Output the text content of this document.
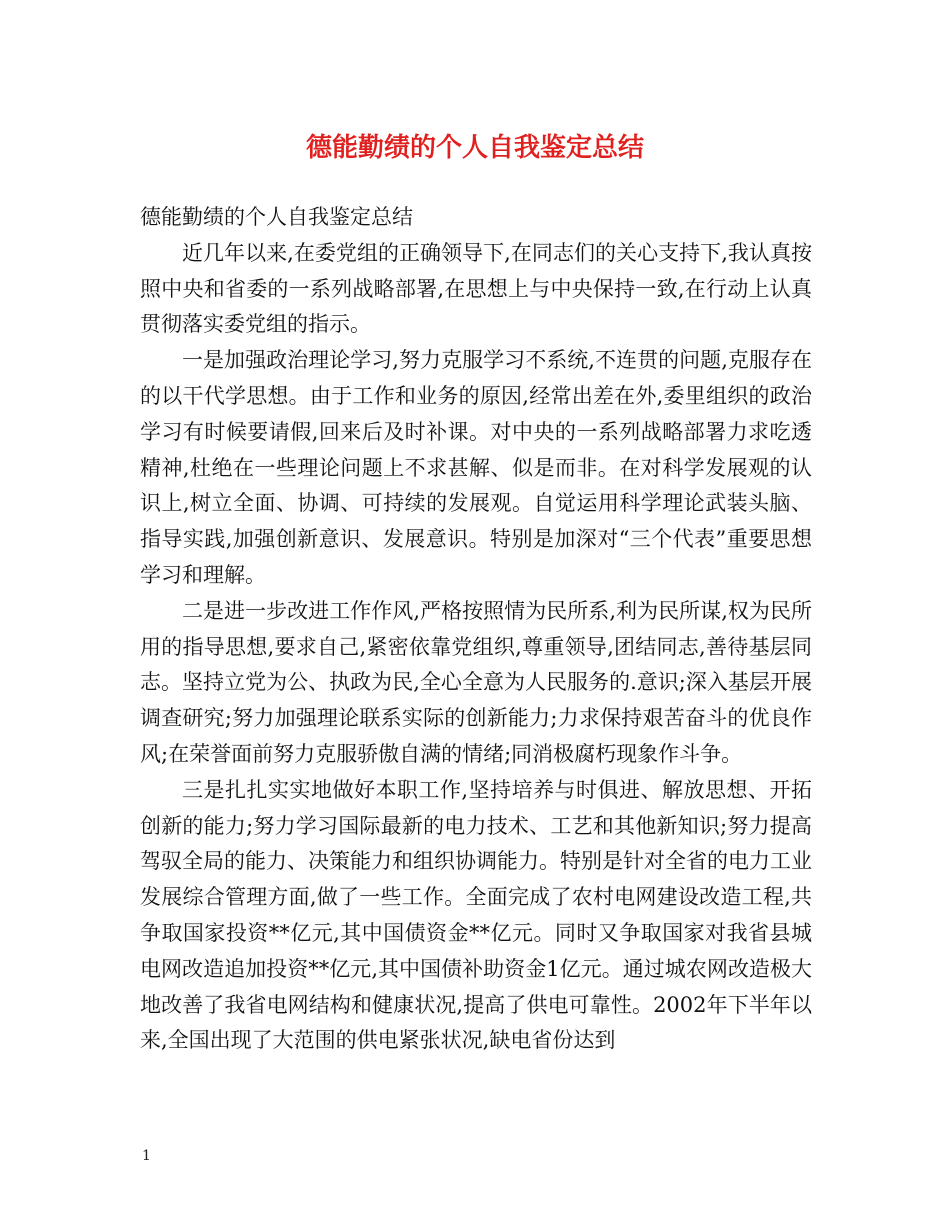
德能勤绩的个人自我鉴定总结

德能勤绩的个人自我鉴定总结

近几年以来,在委党组的正确领导下,在同志们的关心支持下,我认真按照中央和省委的一系列战略部署,在思想上与中央保持一致,在行动上认真贯彻落实委党组的指示。

一是加强政治理论学习,努力克服学习不系统,不连贯的问题,克服存在的以干代学思想。由于工作和业务的原因,经常出差在外,委里组织的政治学习有时候要请假,回来后及时补课。对中央的一系列战略部署力求吃透精神,杜绝在一些理论问题上不求甚解、似是而非。在对科学发展观的认识上,树立全面、协调、可持续的发展观。自觉运用科学理论武装头脑、指导实践,加强创新意识、发展意识。特别是加深对“三个代表”重要思想学习和理解。

二是进一步改进工作作风,严格按照情为民所系,利为民所谋,权为民所用的指导思想,要求自己,紧密依靠党组织,尊重领导,团结同志,善待基层同志。坚持立党为公、执政为民,全心全意为人民服务的.意识;深入基层开展调查研究;努力加强理论联系实际的创新能力;力求保持艰苦奋斗的优良作风;在荣誉面前努力克服骄傲自满的情绪;同消极腐朽现象作斗争。

三是扎扎实实地做好本职工作,坚持培养与时俱进、解放思想、开拓创新的能力;努力学习国际最新的电力技术、工艺和其他新知识;努力提高驾驭全局的能力、决策能力和组织协调能力。特别是针对全省的电力工业发展综合管理方面,做了一些工作。全面完成了农村电网建设改造工程,共争取国家投资**亿元,其中国债资金**亿元。同时又争取国家对我省县城电网改造追加投资**亿元,其中国债补助资金1亿元。通过城农网改造极大地改善了我省电网结构和健康状况,提高了供电可靠性。2002年下半年以来,全国出现了大范围的供电紧张状况,缺电省份达到

1
